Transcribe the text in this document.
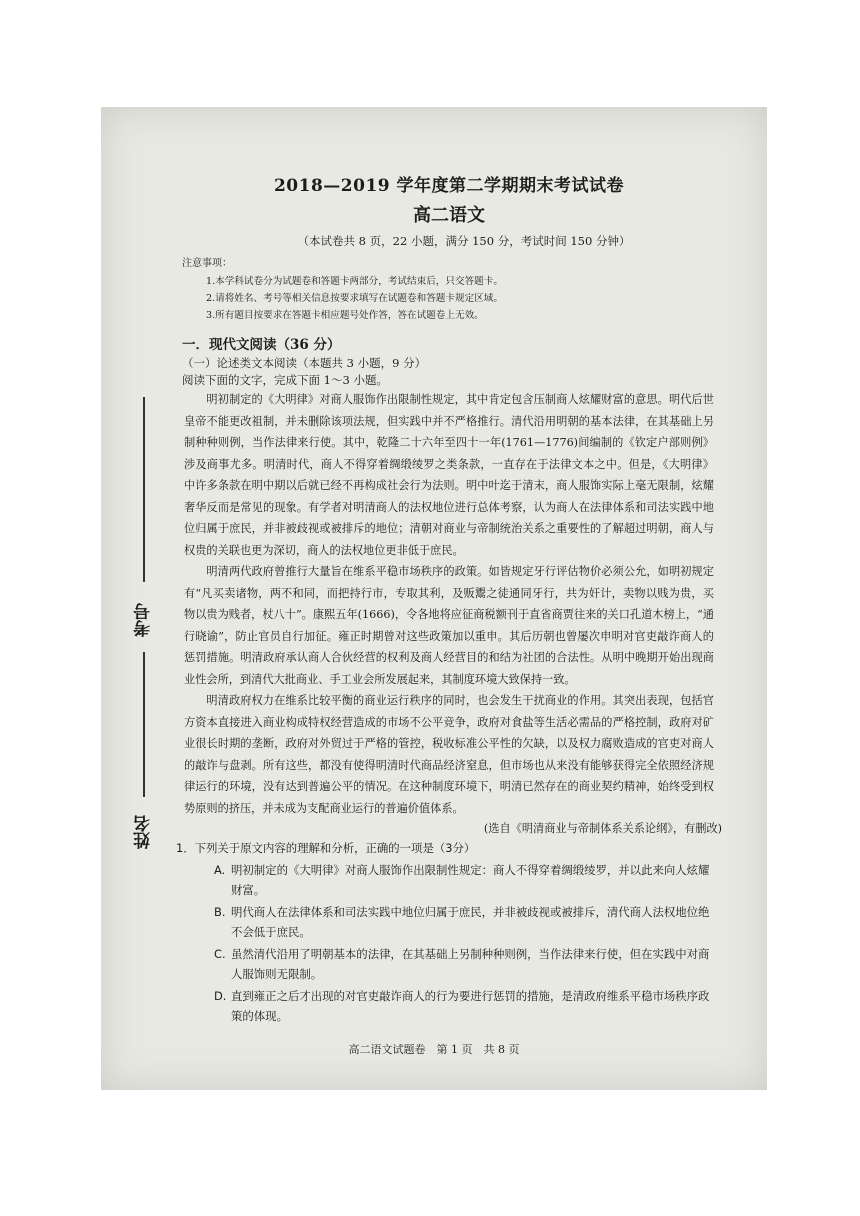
考号
姓名
2018—2019 学年度第二学期期末考试试卷
高二语文
（本试卷共 8 页，22 小题，满分 150 分，考试时间 150 分钟）
注意事项：
1.本学科试卷分为试题卷和答题卡两部分，考试结束后，只交答题卡。
2.请将姓名、考号等相关信息按要求填写在试题卷和答题卡规定区域。
3.所有题目按要求在答题卡相应题号处作答，答在试题卷上无效。
一．现代文阅读（36 分）
（一）论述类文本阅读（本题共 3 小题，9 分）
阅读下面的文字，完成下面 1～3 小题。

明初制定的《大明律》对商人服饰作出限制性规定，其中肯定包含压制商人炫耀财富的意思。明代后世皇帝不能更改祖制，并未删除该项法规，但实践中并不严格推行。清代沿用明朝的基本法律，在其基础上另制种种则例，当作法律来行使。其中，乾隆二十六年至四十一年(1761—1776)间编制的《钦定户部则例》涉及商事尤多。明清时代，商人不得穿着绸缎绫罗之类条款，一直存在于法律文本之中。但是，《大明律》中许多条款在明中期以后就已经不再构成社会行为法则。明中叶迄于清末，商人服饰实际上毫无限制，炫耀奢华反而是常见的现象。有学者对明清商人的法权地位进行总体考察，认为商人在法律体系和司法实践中地位归属于庶民，并非被歧视或被排斥的地位；清朝对商业与帝制统治关系之重要性的了解超过明朝，商人与权贵的关联也更为深切，商人的法权地位更非低于庶民。

明清两代政府曾推行大量旨在维系平稳市场秩序的政策。如皆规定牙行评估物价必须公允，如明初规定有“凡买卖诸物，两不和同，而把持行市，专取其利，及贩鬻之徒通同牙行，共为奸计，卖物以贱为贵，买物以贵为贱者，杖八十”。康熙五年(1666)，令各地将应征商税额刊于直省商贾往来的关口孔道木榜上，“通行晓谕”，防止官员自行加征。雍正时期曾对这些政策加以重申。其后历朝也曾屡次申明对官吏敲诈商人的惩罚措施。明清政府承认商人合伙经营的权利及商人经营目的和结为社团的合法性。从明中晚期开始出现商业性会所，到清代大批商业、手工业会所发展起来，其制度环境大致保持一致。

明清政府权力在维系比较平衡的商业运行秩序的同时，也会发生干扰商业的作用。其突出表现，包括官方资本直接进入商业构成特权经营造成的市场不公平竞争，政府对食盐等生活必需品的严格控制，政府对矿业很长时期的垄断，政府对外贸过于严格的管控，税收标准公平性的欠缺，以及权力腐败造成的官吏对商人的敲诈与盘剥。所有这些，都没有使得明清时代商品经济窒息，但市场也从来没有能够获得完全依照经济规律运行的环境，没有达到普遍公平的情况。在这种制度环境下，明清已然存在的商业契约精神，始终受到权势原则的挤压，并未成为支配商业运行的普遍价值体系。

(选自《明清商业与帝制体系关系论纲》，有删改)
1．下列关于原文内容的理解和分析，正确的一项是（3分）
A. 明初制定的《大明律》对商人服饰作出限制性规定：商人不得穿着绸缎绫罗，并以此来向人炫耀财富。
B. 明代商人在法律体系和司法实践中地位归属于庶民，并非被歧视或被排斥，清代商人法权地位绝不会低于庶民。
C. 虽然清代沿用了明朝基本的法律，在其基础上另制种种则例，当作法律来行使，但在实践中对商人服饰则无限制。
D. 直到雍正之后才出现的对官吏敲诈商人的行为要进行惩罚的措施，是清政府维系平稳市场秩序政策的体现。
高二语文试题卷　第 1 页　共 8 页
